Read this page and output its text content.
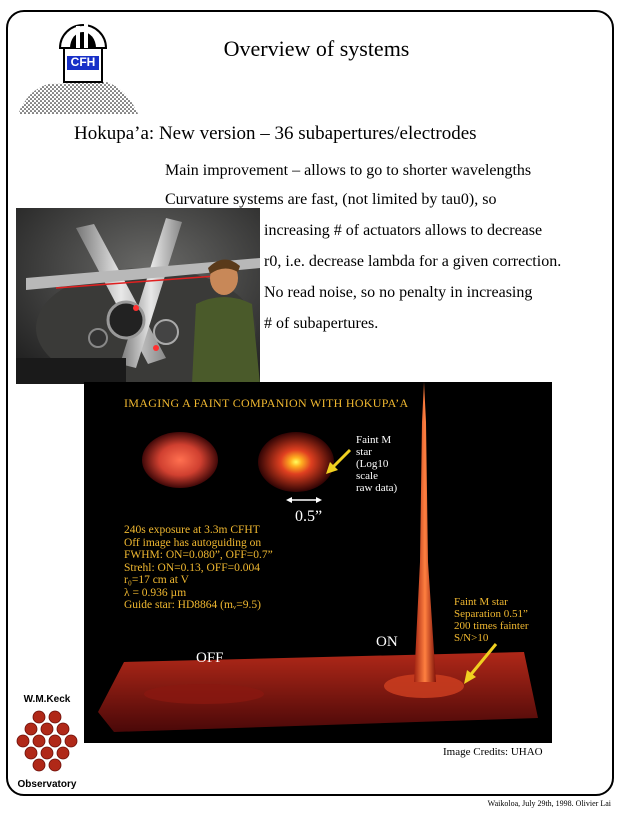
CFH
Overview of systems
Hokupa’a: New version – 36 subapertures/electrodes
Main improvement – allows to go to shorter wavelengths
Curvature systems are fast, (not limited by tau0), so
increasing # of actuators allows to decrease
r0, i.e. decrease lambda for a given correction.
No read noise, so no penalty in increasing
# of subapertures.
IMAGING A FAINT COMPANION WITH HOKUPA’A
0.5”
Faint M
star
(Log10
scale
raw data)
240s exposure at 3.3m CFHT
Off image has autoguiding on
FWHM: ON=0.080”, OFF=0.7”
Strehl: ON=0.13, OFF=0.004
r₀=17 cm at V
λ = 0.936 µm
Guide star: HD8864 (mᵥ=9.5)	Faint M star
Separation 0.51”
200 times fainter
S/N>10
OFF
ON
Image Credits: UHAO
W.M.Keck
Observatory
Waikoloa, July 29th, 1998. Olivier Lai
